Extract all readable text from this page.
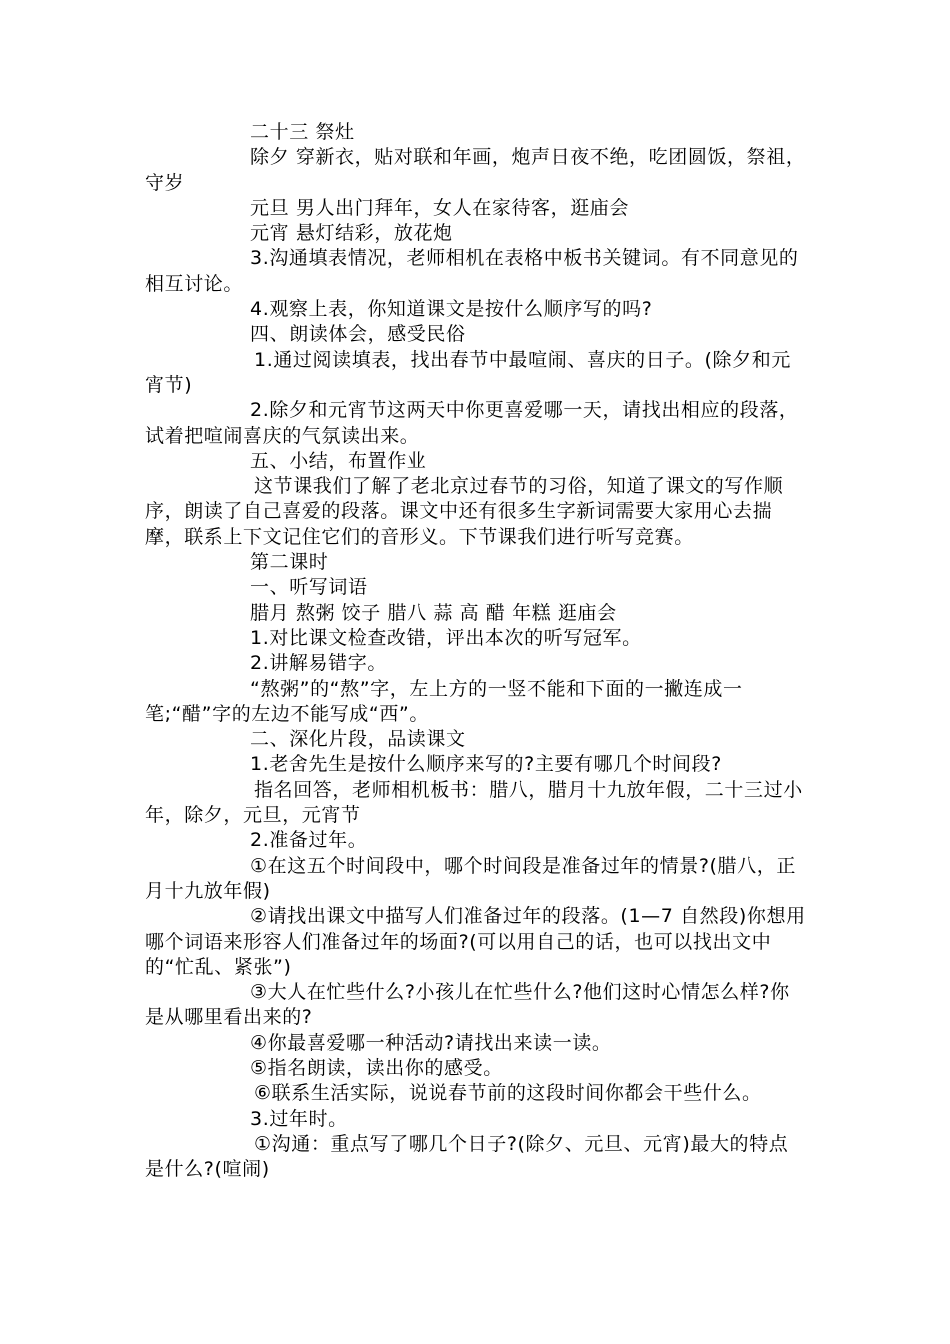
二十三 祭灶

除夕 穿新衣，贴对联和年画，炮声日夜不绝，吃团圆饭，祭祖，守岁

元旦 男人出门拜年，女人在家待客，逛庙会

元宵 悬灯结彩，放花炮

3.沟通填表情况，老师相机在表格中板书关键词。有不同意见的相互讨论。

4.观察上表，你知道课文是按什么顺序写的吗?

四、朗读体会，感受民俗

1.通过阅读填表，找出春节中最喧闹、喜庆的日子。(除夕和元宵节)

2.除夕和元宵节这两天中你更喜爱哪一天，请找出相应的段落，试着把喧闹喜庆的气氛读出来。

五、小结，布置作业

这节课我们了解了老北京过春节的习俗，知道了课文的写作顺序，朗读了自己喜爱的段落。课文中还有很多生字新词需要大家用心去揣摩，联系上下文记住它们的音形义。下节课我们进行听写竞赛。

第二课时

一、听写词语

腊月 熬粥 饺子 腊八 蒜 高 醋 年糕 逛庙会

1.对比课文检查改错，评出本次的听写冠军。

2.讲解易错字。

“熬粥”的“熬”字，左上方的一竖不能和下面的一撇连成一笔;“醋”字的左边不能写成“西”。

二、深化片段，品读课文

1.老舍先生是按什么顺序来写的?主要有哪几个时间段?

指名回答，老师相机板书：腊八，腊月十九放年假，二十三过小年，除夕，元旦，元宵节

2.准备过年。

①在这五个时间段中，哪个时间段是准备过年的情景?(腊八，正月十九放年假)

②请找出课文中描写人们准备过年的段落。(1—7 自然段)你想用哪个词语来形容人们准备过年的场面?(可以用自己的话，也可以找出文中的“忙乱、紧张”)

③大人在忙些什么?小孩儿在忙些什么?他们这时心情怎么样?你是从哪里看出来的?

④你最喜爱哪一种活动?请找出来读一读。

⑤指名朗读，读出你的感受。

⑥联系生活实际，说说春节前的这段时间你都会干些什么。

3.过年时。

①沟通：重点写了哪几个日子?(除夕、元旦、元宵)最大的特点是什么?(喧闹)
